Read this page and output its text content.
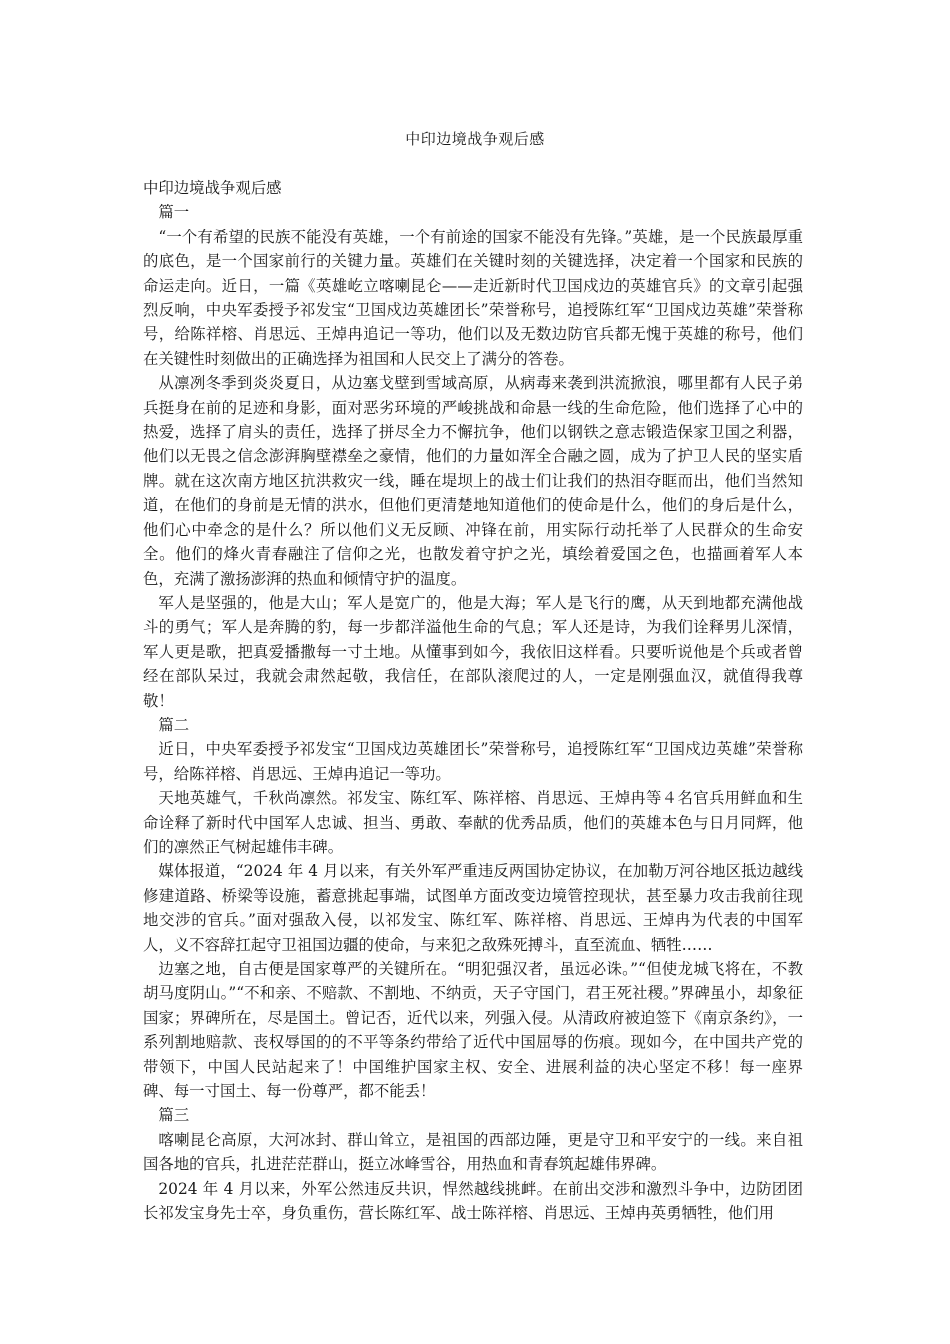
中印边境战争观后感

中印边境战争观后感

篇一

“一个有希望的民族不能没有英雄，一个有前途的国家不能没有先锋。”英雄，是一个民族最厚重的底色，是一个国家前行的关键力量。英雄们在关键时刻的关键选择，决定着一个国家和民族的命运走向。近日，一篇《英雄屹立喀喇昆仑——走近新时代卫国戍边的英雄官兵》的文章引起强烈反响，中央军委授予祁发宝“卫国戍边英雄团长”荣誉称号，追授陈红军“卫国戍边英雄”荣誉称号，给陈祥榕、肖思远、王焯冉追记一等功，他们以及无数边防官兵都无愧于英雄的称号，他们在关键性时刻做出的正确选择为祖国和人民交上了满分的答卷。

从凛冽冬季到炎炎夏日，从边塞戈壁到雪域高原，从病毒来袭到洪流掀浪，哪里都有人民子弟兵挺身在前的足迹和身影，面对恶劣环境的严峻挑战和命悬一线的生命危险，他们选择了心中的热爱，选择了肩头的责任，选择了拼尽全力不懈抗争，他们以钢铁之意志锻造保家卫国之利器，他们以无畏之信念澎湃胸壁襟垒之豪情，他们的力量如浑全合融之圆，成为了护卫人民的坚实盾牌。就在这次南方地区抗洪救灾一线，睡在堤坝上的战士们让我们的热泪夺眶而出，他们当然知道，在他们的身前是无情的洪水，但他们更清楚地知道他们的使命是什么，他们的身后是什么，他们心中牵念的是什么？所以他们义无反顾、冲锋在前，用实际行动托举了人民群众的生命安全。他们的烽火青春融注了信仰之光，也散发着守护之光，填绘着爱国之色，也描画着军人本色，充满了激扬澎湃的热血和倾情守护的温度。

军人是坚强的，他是大山；军人是宽广的，他是大海；军人是飞行的鹰，从天到地都充满他战斗的勇气；军人是奔腾的豹，每一步都洋溢他生命的气息；军人还是诗，为我们诠释男儿深情，军人更是歌，把真爱播撒每一寸土地。从懂事到如今，我依旧这样看。只要听说他是个兵或者曾经在部队呆过，我就会肃然起敬，我信任，在部队滚爬过的人，一定是刚强血汉，就值得我尊敬！

篇二

近日，中央军委授予祁发宝“卫国戍边英雄团长”荣誉称号，追授陈红军“卫国戍边英雄”荣誉称号，给陈祥榕、肖思远、王焯冉追记一等功。

天地英雄气，千秋尚凛然。祁发宝、陈红军、陈祥榕、肖思远、王焯冉等４名官兵用鲜血和生命诠释了新时代中国军人忠诚、担当、勇敢、奉献的优秀品质，他们的英雄本色与日月同辉，他们的凛然正气树起雄伟丰碑。

媒体报道，“2024 年 4 月以来，有关外军严重违反两国协定协议，在加勒万河谷地区抵边越线修建道路、桥梁等设施，蓄意挑起事端，试图单方面改变边境管控现状，甚至暴力攻击我前往现地交涉的官兵。”面对强敌入侵，以祁发宝、陈红军、陈祥榕、肖思远、王焯冉为代表的中国军人，义不容辞扛起守卫祖国边疆的使命，与来犯之敌殊死搏斗，直至流血、牺牲……

边塞之地，自古便是国家尊严的关键所在。“明犯强汉者，虽远必诛。”“但使龙城飞将在，不教胡马度阴山。”“不和亲、不赔款、不割地、不纳贡，天子守国门，君王死社稷。”界碑虽小，却象征国家；界碑所在，尽是国土。曾记否，近代以来，列强入侵。从清政府被迫签下《南京条约》，一系列割地赔款、丧权辱国的的不平等条约带给了近代中国屈辱的伤痕。现如今，在中国共产党的带领下，中国人民站起来了！中国维护国家主权、安全、进展利益的决心坚定不移！每一座界碑、每一寸国土、每一份尊严，都不能丢！

篇三

喀喇昆仑高原，大河冰封、群山耸立，是祖国的西部边陲，更是守卫和平安宁的一线。来自祖国各地的官兵，扎进茫茫群山，挺立冰峰雪谷，用热血和青春筑起雄伟界碑。

2024 年 4 月以来，外军公然违反共识，悍然越线挑衅。在前出交涉和激烈斗争中，边防团团长祁发宝身先士卒，身负重伤，营长陈红军、战士陈祥榕、肖思远、王焯冉英勇牺牲，他们用
